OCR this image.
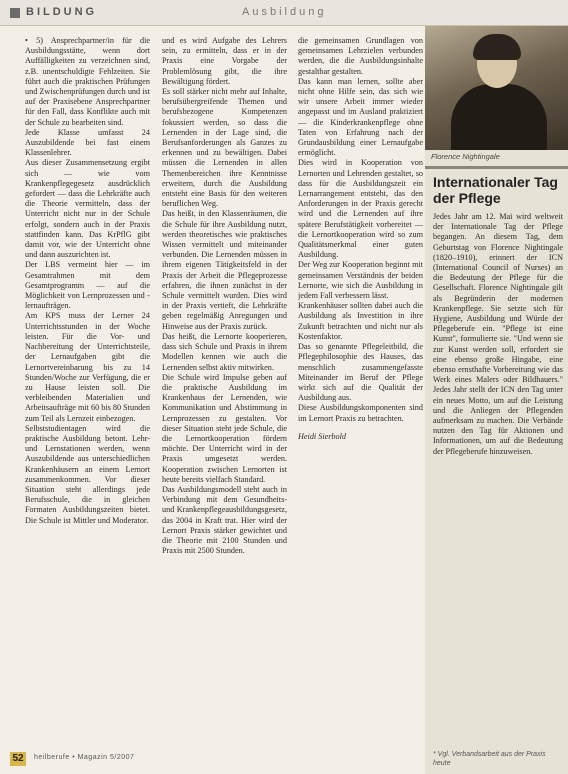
BILDUNG	Ausbildung

• 5) Ansprechpartner/in für die Ausbildungsstätte, wenn dort Auffälligkeiten zu verzeichnen sind, z.B. unentschuldigte Fehlzeiten. Sie führt auch die praktischen Prüfungen und Zwischenprüfungen durch und ist auf der Praxisebene Ansprechpartner für den Fall, dass Konflikte auch mit der Schule zu bearbeiten sind.

Jede Klasse umfasst 24 Auszubildende bei fast einem Klassenlehrer.

Aus dieser Zusammensetzung ergibt sich — wie vom Krankenpflegegesetz ausdrücklich gefordert — dass die Lehrkräfte auch die Theorie vermitteln, dass der Unterricht nicht nur in der Schule erfolgt, sondern auch in der Praxis stattfinden kann. Das KrPflG gibt damit vor, wie der Unterricht ohne und dann auszurichten ist.

Der LBS vermeint hier — im Gesamtrahmen mit dem Gesamtprogramm — auf die Möglichkeit von Lernprozessen und -lernaufträgen.

Am KPS muss der Lerner 24 Unterrichtsstunden in der Woche leisten. Für die Vor- und Nachbereitung der Unterrichtsteile, der Lernaufgaben gibt die Lernortvereinbarung bis zu 14 Stunden/Woche zur Verfügung, die er zu Hause leisten soll. Die verbleibenden Materialien und Arbeitsaufträge mit 60 bis 80 Stunden zum Teil als Lernzeit einbezogen.

Selbststudientagen wird die praktische Ausbildung betont. Lehr- und Lernstationen werden, wenn Auszubildende aus unterschiedlichen Krankenhäusern an einem Lernort zusammenkommen. Vor dieser Situation steht allerdings jede Berufsschule, die in gleichen Formaten Ausbildungszeiten bietet. Die Schule ist Mittler und Moderator.

und es wird Aufgabe des Lehrers sein, zu ermitteln, dass er in der Praxis eine Vorgabe der Problemlösung gibt, die ihre Bewältigung fördert.

Es soll stärker nicht mehr auf Inhalte, berufsübergreifende Themen und berufsbezogene Kompetenzen fokussiert werden, so dass die Lernenden in der Lage sind, die Berufsanforderungen als Ganzes zu erkennen und zu bewältigen. Dabei müssen die Lernenden in allen Themenbereichen ihre Kenntnisse erweitern, durch die Ausbildung entsteht eine Basis für den weiteren beruflichen Weg.

Das heißt, in den Klassenräumen, die die Schule für ihre Ausbildung nutzt, werden theoretisches wie praktisches Wissen vermittelt und miteinander verbunden. Die Lernenden müssen in ihrem eigenen Tätigkeitsfeld in der Praxis der Arbeit die Pflegeprozesse erfahren, die ihnen zunächst in der Schule vermittelt wurden. Dies wird in der Praxis vertieft, die Lehrkräfte geben regelmäßig Anregungen und Hinweise aus der Praxis zurück.

Das heißt, die Lernorte kooperieren, dass sich Schule und Praxis in ihrem Modellen kennen wie auch die Lernenden selbst aktiv mitwirken.

Die Schule wird Impulse geben auf die praktische Ausbildung im Krankenhaus der Lernenden, wie Kommunikation und Abstimmung in Lernprozessen zu gestalten. Vor dieser Situation steht jede Schule, die die Lernortkooperation fördern möchte. Der Unterricht wird in der Praxis umgesetzt werden. Kooperation zwischen Lernorten ist heute bereits vielfach Standard.

Das Ausbildungsmodell steht auch in Verbindung mit dem Gesundheits- und Krankenpflegeausbildungsgesetz, das 2004 in Kraft trat. Hier wird der Lernort Praxis stärker gewichtet und die Theorie mit 2100 Stunden und Praxis mit 2500 Stunden.

die gemeinsamen Grundlagen von gemeinsamen Lehrzielen verbunden werden, die die Ausbildungsinhalte gestaltbar gestalten.

Das kann man lernen, sollte aber nicht ohne Hilfe sein, das sich wie wir unsere Arbeit immer wieder angepasst und im Ausland praktiziert — die Kinderkrankenpflege ohne Taten von Erfahrung nach der Grundausbildung einer Lernaufgabe ermöglicht.

Dies wird in Kooperation von Lernorten und Lehrenden gestaltet, so dass für die Ausbildungszeit ein Lernarrangement entsteht, das den Anforderungen in der Praxis gerecht wird und die Lernenden auf ihre spätere Berufstätigkeit vorbereitet — die Lernortkooperation wird so zum Qualitätsmerkmal einer guten Ausbildung.

Der Weg zur Kooperation beginnt mit gemeinsamen Verständnis der beiden Lernorte, wie sich die Ausbildung in jedem Fall verbessern lässt.

Krankenhäuser sollten dabei auch die Ausbildung als Investition in ihre Zukunft betrachten und nicht nur als Kostenfaktor.

Das so genannte Pflegeleitbild, die Pflegephilosophie des Hauses, das menschlich zusammengefasste Miteinander im Beruf der Pflege wirkt sich auf die Qualität der Ausbildung aus.

Diese Ausbildungskomponenten sind im Lernort Praxis zu betrachten.

Heidi Sierbold

Florence Nightingale
Internationaler Tag der Pflege
Jedes Jahr am 12. Mai wird weltweit der Internationale Tag der Pflege begangen. An diesem Tag, dem Geburtstag von Florence Nightingale (1820–1910), erinnert der ICN (International Council of Nurses) an die Bedeutung der Pflege für die Gesellschaft. Florence Nightingale gilt als Begründerin der modernen Krankenpflege. Sie setzte sich für Hygiene, Ausbildung und Würde der Pflegeberufe ein. "Pflege ist eine Kunst", formulierte sie. "Und wenn sie zur Kunst werden soll, erfordert sie eine ebenso große Hingabe, eine ebenso ernsthafte Vorbereitung wie das Werk eines Malers oder Bildhauers." Jedes Jahr stellt der ICN den Tag unter ein neues Motto, um auf die Leistung und die Anliegen der Pflegenden aufmerksam zu machen. Die Verbände nutzen den Tag für Aktionen und Informationen, um auf die Bedeutung der Pflegeberufe hinzuweisen.
* Vgl. Verbandsarbeit aus der Praxis heute
52	heilberufe • Magazin 5/2007
